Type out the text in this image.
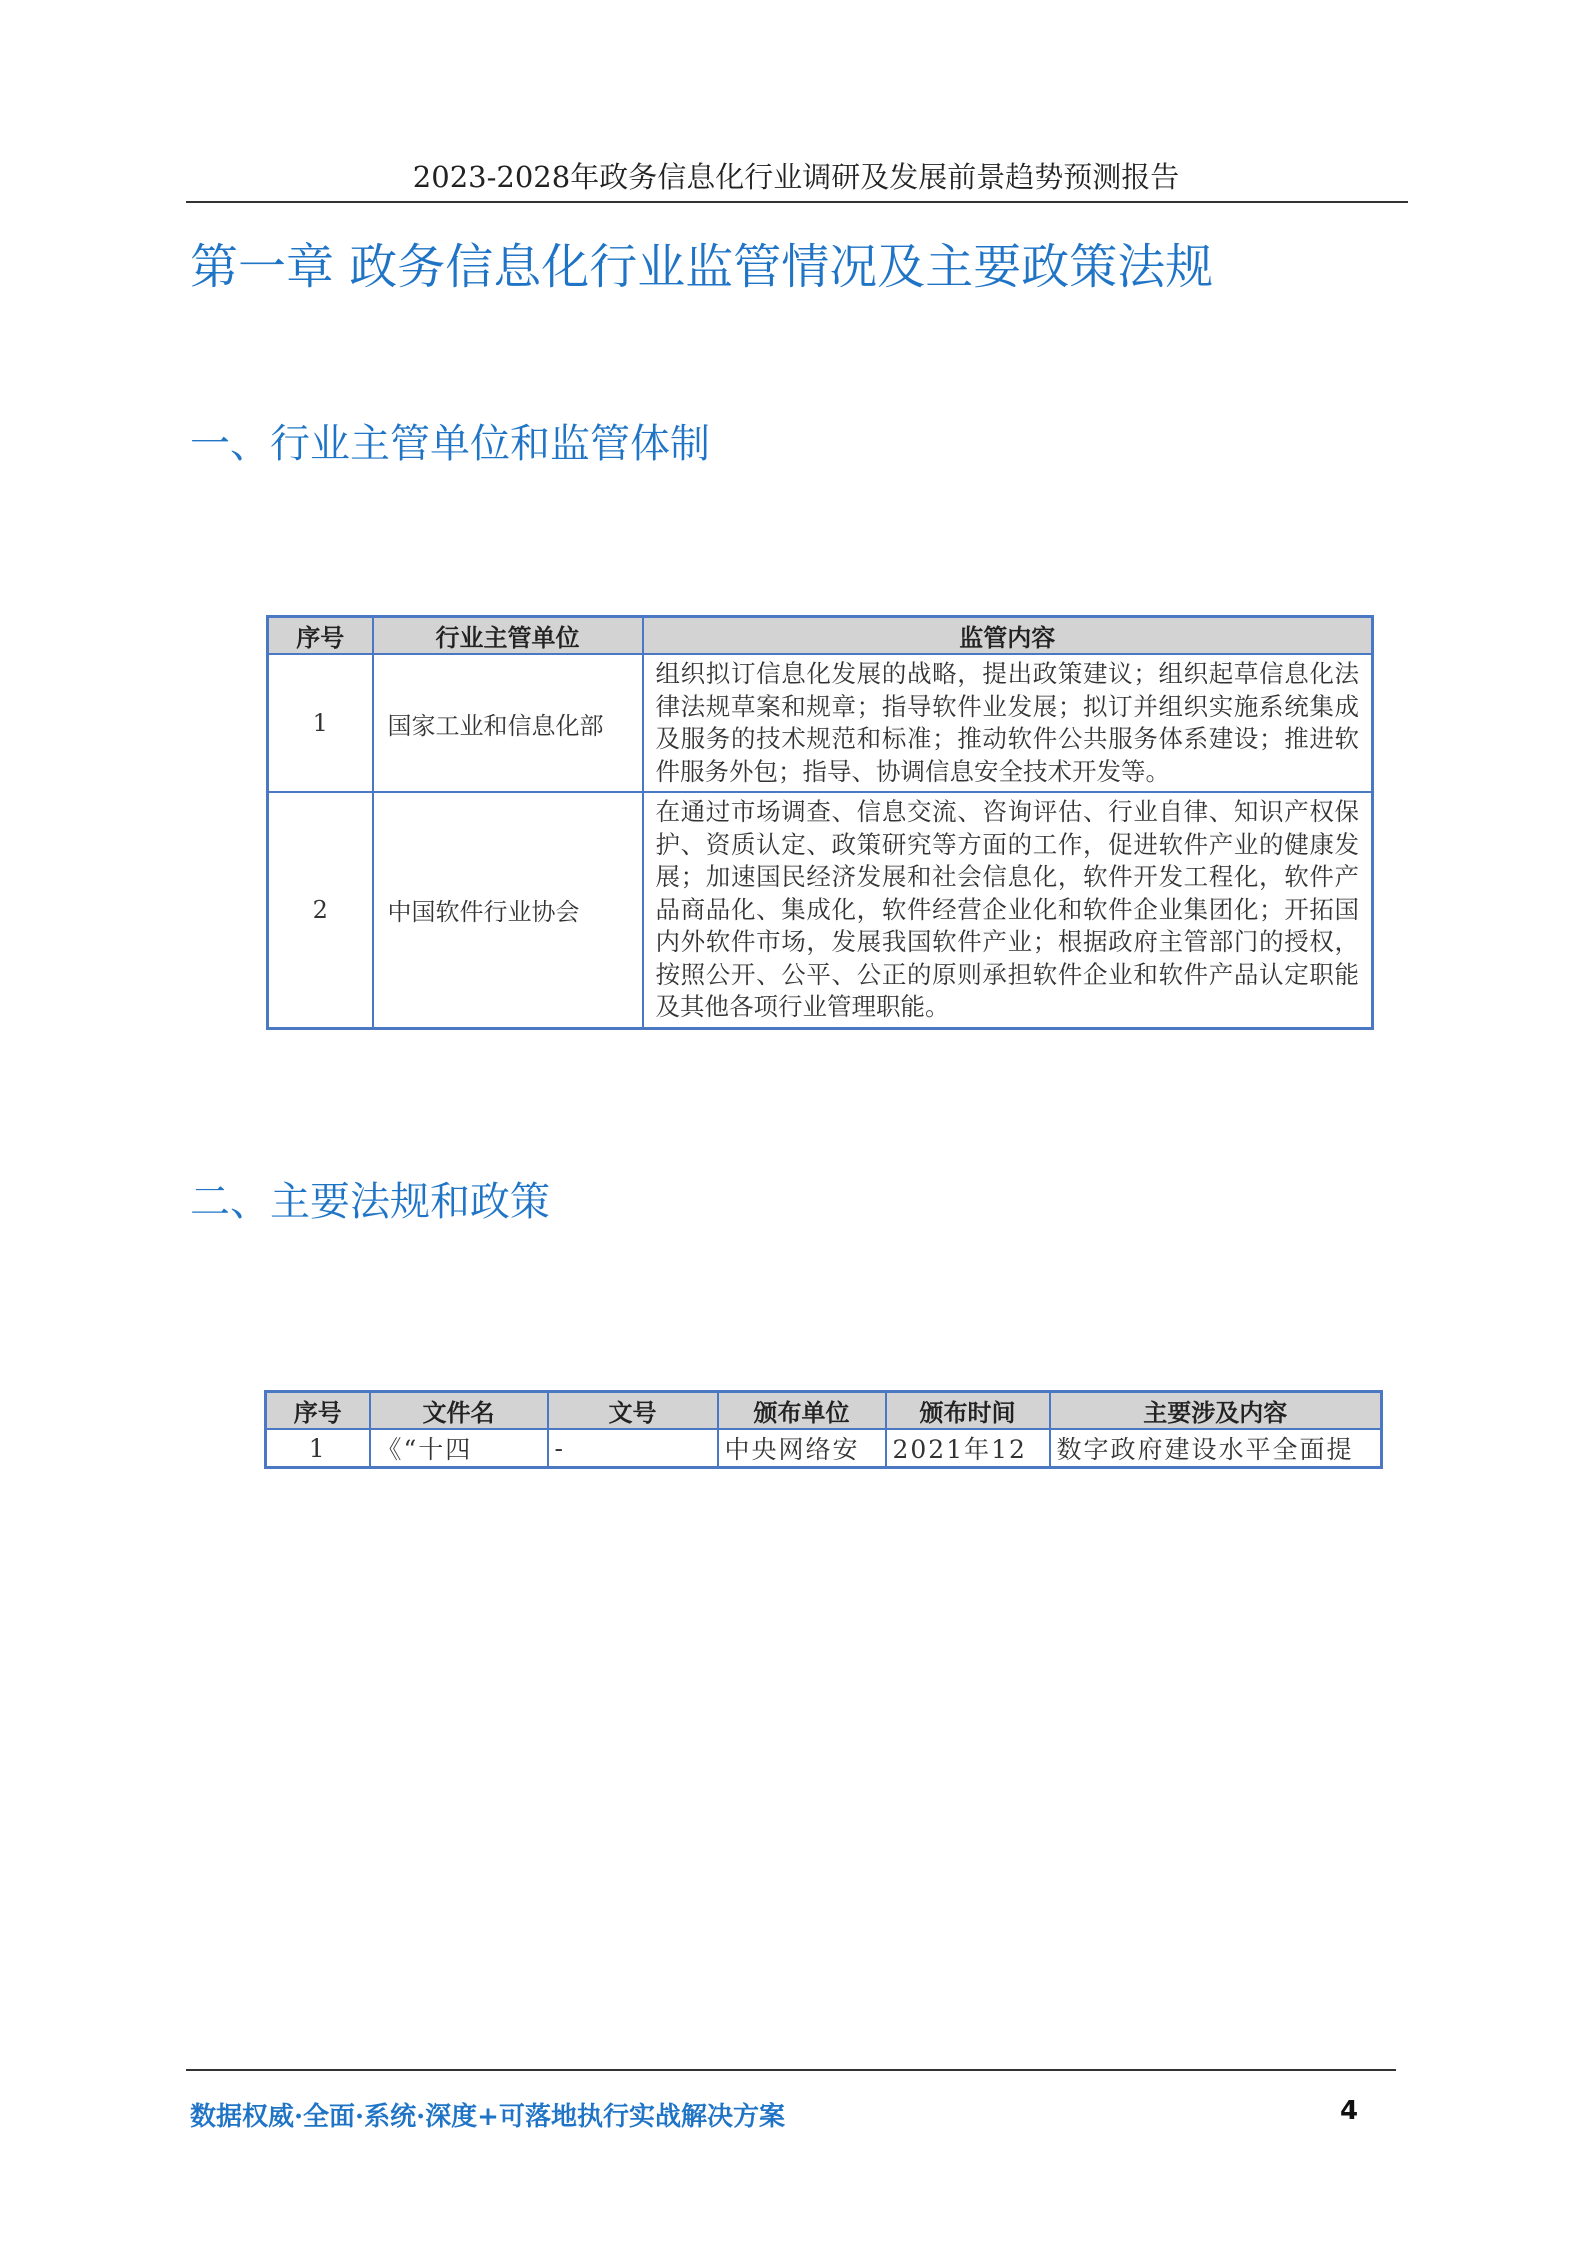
2023-2028年政务信息化行业调研及发展前景趋势预测报告
第一章 政务信息化行业监管情况及主要政策法规
一、行业主管单位和监管体制
序号	行业主管单位	监管内容
1	国家工业和信息化部	组织拟订信息化发展的战略，提出政策建议；组织起草信息化法律法规草案和规章；指导软件业发展；拟订并组织实施系统集成及服务的技术规范和标准；推动软件公共服务体系建设；推进软件服务外包；指导、协调信息安全技术开发等。
2	中国软件行业协会	在通过市场调查、信息交流、咨询评估、行业自律、知识产权保护、资质认定、政策研究等方面的工作，促进软件产业的健康发展；加速国民经济发展和社会信息化，软件开发工程化，软件产品商品化、集成化，软件经营企业化和软件企业集团化；开拓国内外软件市场，发展我国软件产业；根据政府主管部门的授权，按照公开、公平、公正的原则承担软件企业和软件产品认定职能及其他各项行业管理职能。
二、主要法规和政策
序号	文件名	文号	颁布单位	颁布时间	主要涉及内容
1	《“十四	-	中央网络安	2021年12	数字政府建设水平全面提
数据权威·全面·系统·深度+可落地执行实战解决方案	4
